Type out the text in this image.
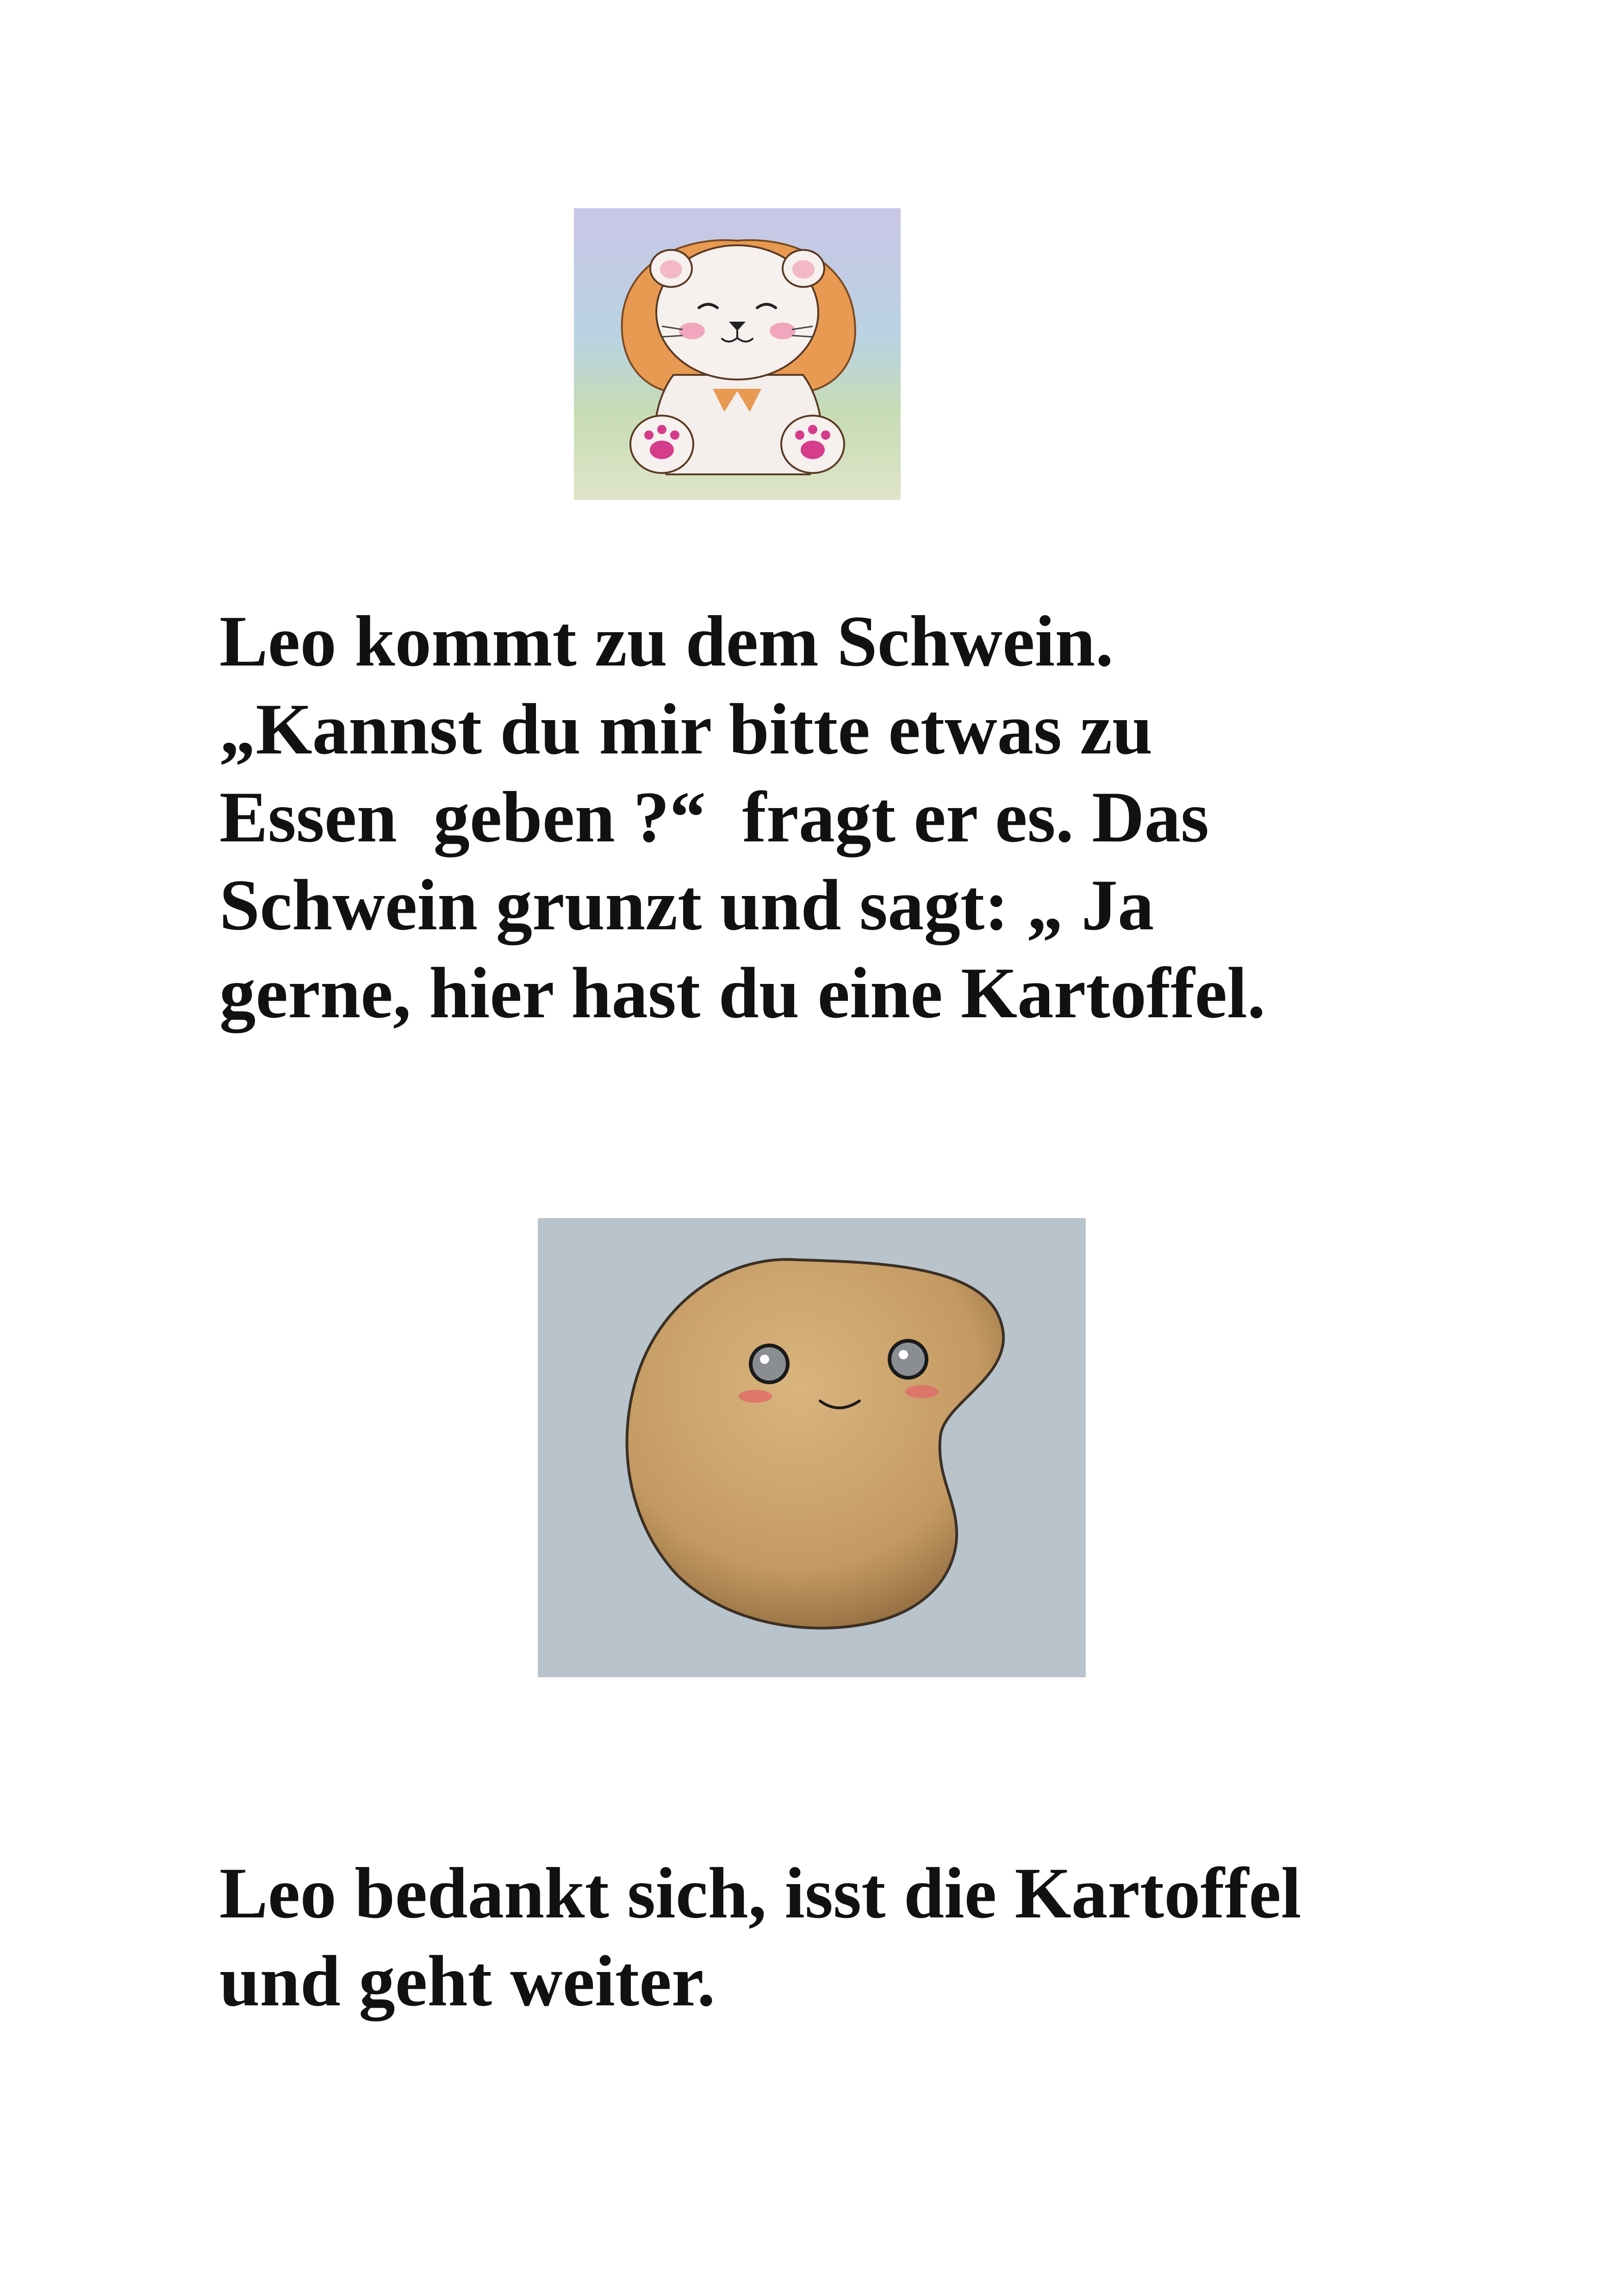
Leo kommt zu dem Schwein.
„Kannst du mir bitte etwas zu
Essen  geben ?“  fragt er es. Das
Schwein grunzt und sagt: „ Ja
gerne, hier hast du eine Kartoffel.

Leo bedankt sich, isst die Kartoffel
und geht weiter.
